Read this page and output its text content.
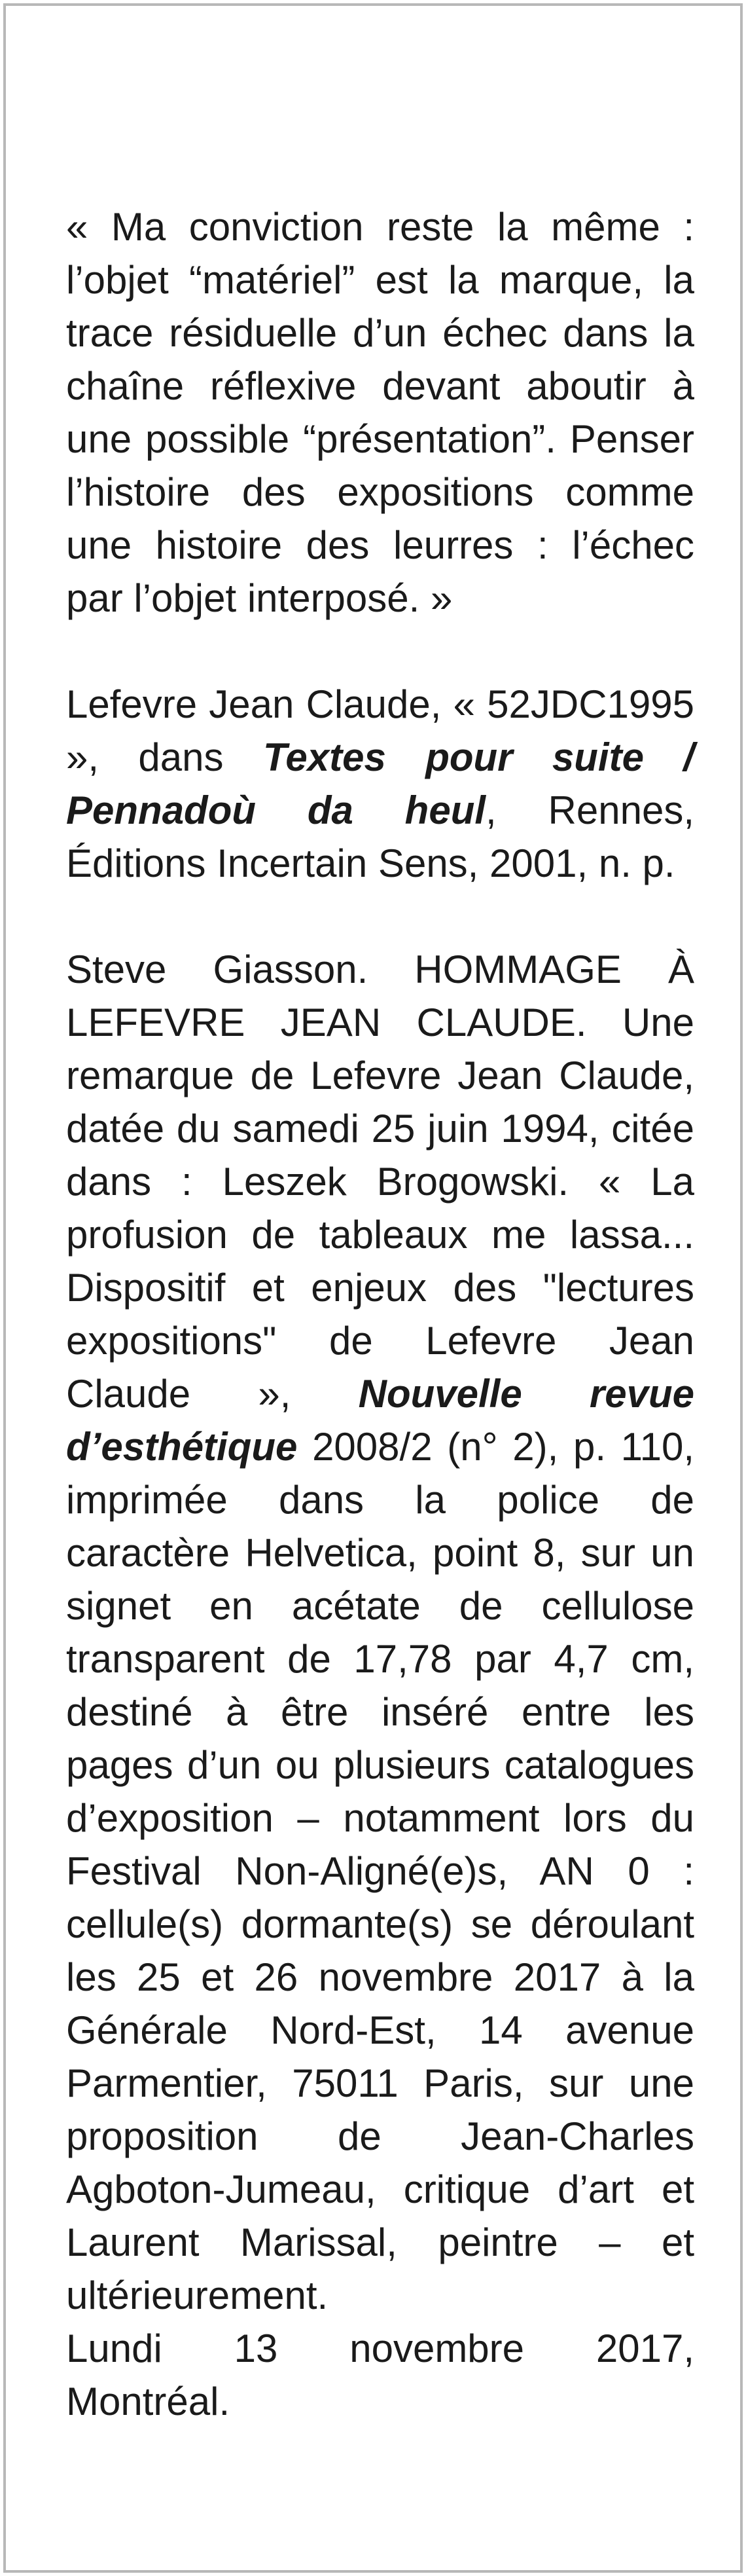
« Ma conviction reste la même : l’objet “matériel” est la marque, la trace résiduelle d’un échec dans la chaîne réflexive devant aboutir à une possible “présentation”. Penser l’histoire des expositions comme une histoire des leurres : l’échec par l’objet interposé. »

Lefevre Jean Claude, « 52JDC1995 », dans Textes pour suite / Pennadoù da heul, Rennes, Éditions Incertain Sens, 2001, n. p.

Steve Giasson. HOMMAGE À LEFEVRE JEAN CLAUDE. Une remarque de Lefevre Jean Claude, datée du samedi 25 juin 1994, citée dans : Leszek Brogowski. « La profusion de tableaux me lassa... Dispositif et enjeux des "lectures expositions" de Lefevre Jean Claude », Nouvelle revue d’esthétique 2008/2 (n° 2), p. 110, imprimée dans la police de caractère Helvetica, point 8, sur un signet en acétate de cellulose transparent de 17,78 par 4,7 cm, destiné à être inséré entre les pages d’un ou plusieurs catalogues d’exposition – notamment lors du Festival Non-Aligné(e)s, AN 0 : cellule(s) dormante(s) se déroulant les 25 et 26 novembre 2017 à la Générale Nord-Est, 14 avenue Parmentier, 75011 Paris, sur une proposition de Jean-Charles Agboton-Jumeau, critique d’art et Laurent Marissal, peintre – et ultérieurement.

Lundi 13 novembre 2017,

Montréal.
